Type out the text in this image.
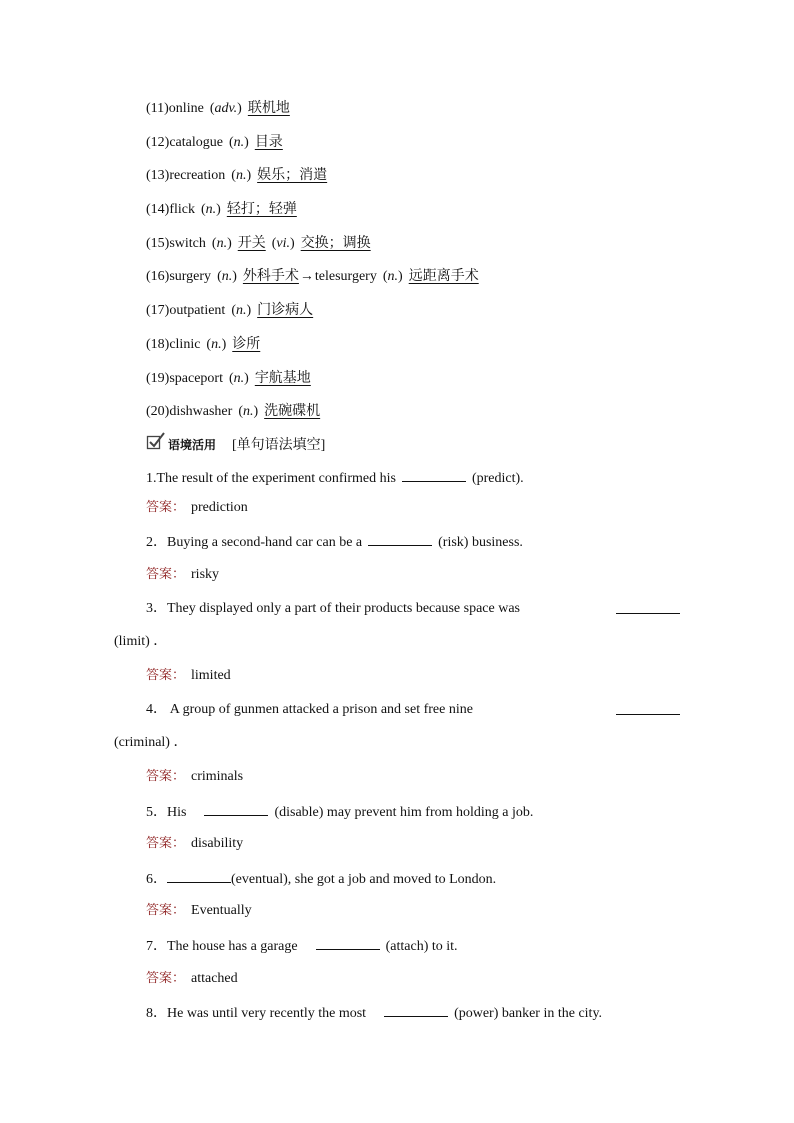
(11)online (adv.) 联机地
(12)catalogue (n.) 目录
(13)recreation (n.) 娱乐；消遣
(14)flick (n.) 轻打；轻弹
(15)switch (n.) 开关 (vi.) 交换；调换
(16)surgery (n.) 外科手术→telesurgery (n.) 远距离手术
(17)outpatient (n.) 门诊病人
(18)clinic (n.) 诊所
(19)spaceport (n.) 宇航基地
(20)dishwasher (n.) 洗碗碟机
语境活用 [单句语法填空]
1.The result of the experiment confirmed his	(predict).
答案： prediction
2．Buying a second-hand car can be a	(risk) business.
答案： risky
3．They displayed only a part of their products because space was
(limit) ．
答案： limited
4． A group of gunmen attacked a prison and set free nine
(criminal) ．
答案： criminals
5．His	(disable) may prevent him from holding a job.
答案： disability
6．	(eventual), she got a job and moved to London.
答案： Eventually
7．The house has a garage	(attach) to it.
答案： attached
8．He was until very recently the most	(power) banker in the city.
